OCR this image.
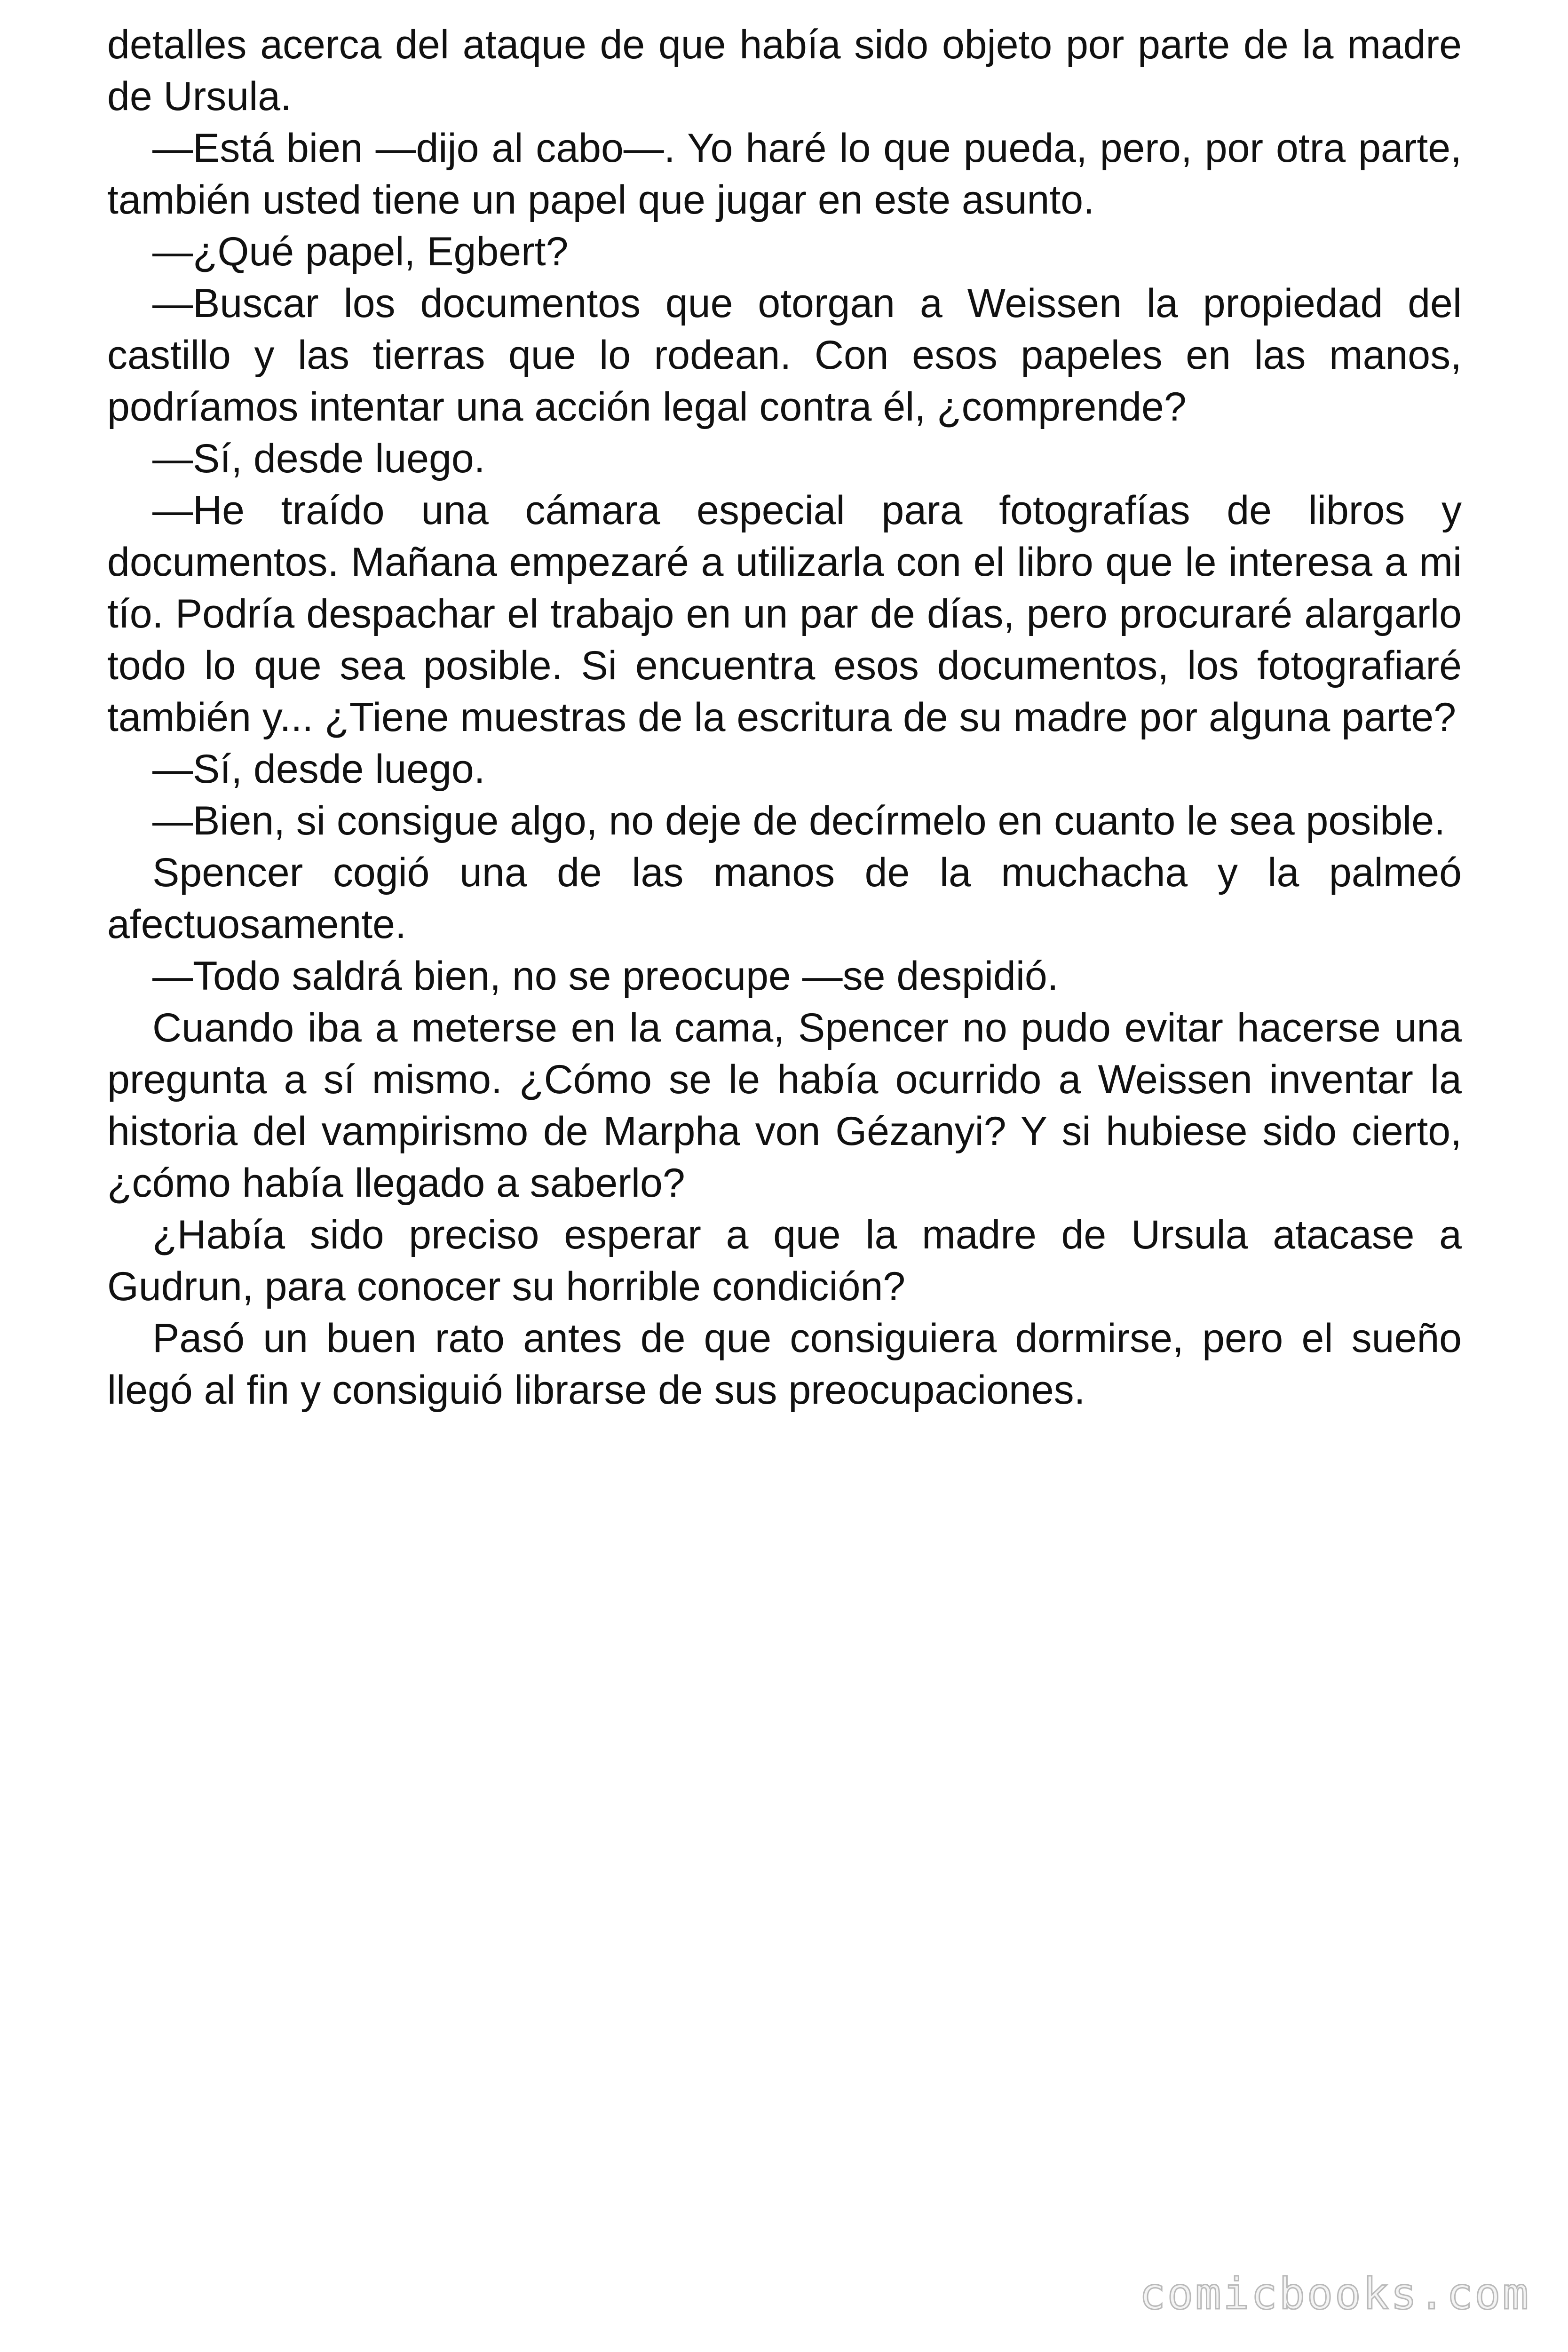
detalles acerca del ataque de que había sido objeto por parte de la madre de Ursula.

—Está bien —dijo al cabo—. Yo haré lo que pueda, pero, por otra parte, también usted tiene un papel que jugar en este asunto.

—¿Qué papel, Egbert?

—Buscar los documentos que otorgan a Weissen la propiedad del castillo y las tierras que lo rodean. Con esos papeles en las manos, podríamos intentar una acción legal contra él, ¿comprende?

—Sí, desde luego.

—He traído una cámara especial para fotografías de libros y documentos. Mañana empezaré a utilizarla con el libro que le interesa a mi tío. Podría despachar el trabajo en un par de días, pero procuraré alargarlo todo lo que sea posible. Si encuentra esos documentos, los fotografiaré también y... ¿Tiene muestras de la escritura de su madre por alguna parte?

—Sí, desde luego.

—Bien, si consigue algo, no deje de decírmelo en cuanto le sea posible.

Spencer cogió una de las manos de la muchacha y la palmeó afectuosamente.

—Todo saldrá bien, no se preocupe —se despidió.

Cuando iba a meterse en la cama, Spencer no pudo evitar hacerse una pregunta a sí mismo. ¿Cómo se le había ocurrido a Weissen inventar la historia del vampirismo de Marpha von Gézanyi? Y si hubiese sido cierto, ¿cómo había llegado a saberlo?

¿Había sido preciso esperar a que la madre de Ursula atacase a Gudrun, para conocer su horrible condición?

Pasó un buen rato antes de que consiguiera dormirse, pero el sueño llegó al fin y consiguió librarse de sus preocupaciones.

comicbooks.com
